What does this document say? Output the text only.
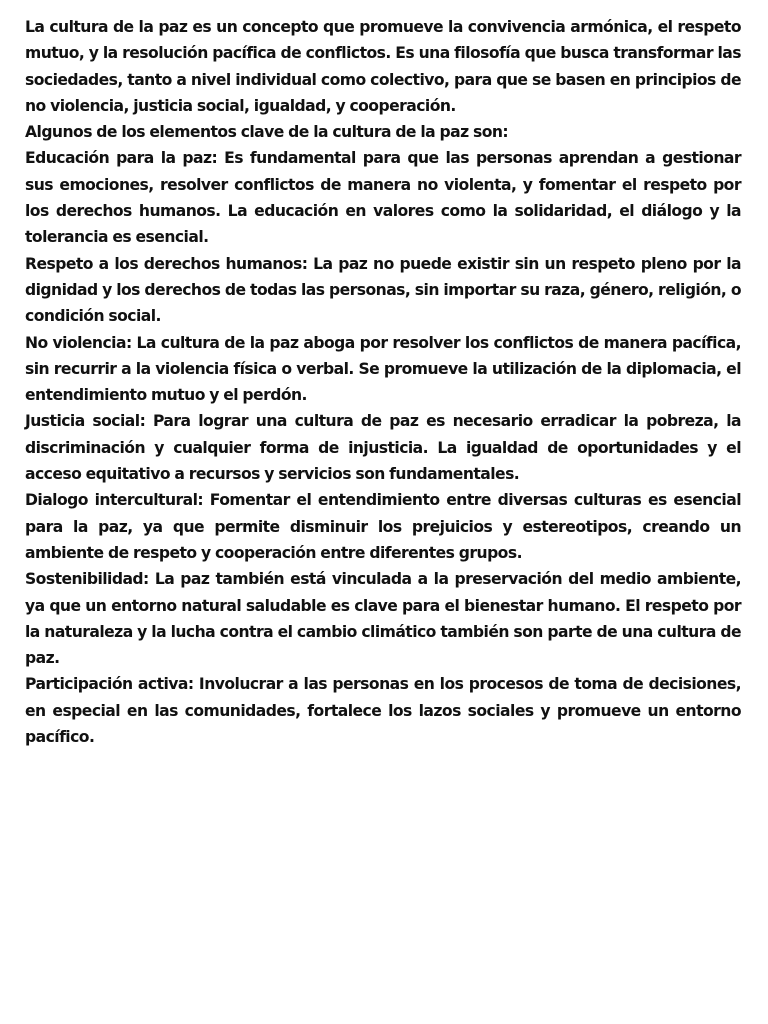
La cultura de la paz es un concepto que promueve la convivencia armónica, el respeto mutuo, y la resolución pacífica de conflictos. Es una filosofía que busca transformar las sociedades, tanto a nivel individual como colectivo, para que se basen en principios de no violencia, justicia social, igualdad, y cooperación.

Algunos de los elementos clave de la cultura de la paz son:

Educación para la paz: Es fundamental para que las personas aprendan a gestionar sus emociones, resolver conflictos de manera no violenta, y fomentar el respeto por los derechos humanos. La educación en valores como la solidaridad, el diálogo y la tolerancia es esencial.

Respeto a los derechos humanos: La paz no puede existir sin un respeto pleno por la dignidad y los derechos de todas las personas, sin importar su raza, género, religión, o condición social.

No violencia: La cultura de la paz aboga por resolver los conflictos de manera pacífica, sin recurrir a la violencia física o verbal. Se promueve la utilización de la diplomacia, el entendimiento mutuo y el perdón.

Justicia social: Para lograr una cultura de paz es necesario erradicar la pobreza, la discriminación y cualquier forma de injusticia. La igualdad de oportunidades y el acceso equitativo a recursos y servicios son fundamentales.

Dialogo intercultural: Fomentar el entendimiento entre diversas culturas es esencial para la paz, ya que permite disminuir los prejuicios y estereotipos, creando un ambiente de respeto y cooperación entre diferentes grupos.

Sostenibilidad: La paz también está vinculada a la preservación del medio ambiente, ya que un entorno natural saludable es clave para el bienestar humano. El respeto por la naturaleza y la lucha contra el cambio climático también son parte de una cultura de paz.

Participación activa: Involucrar a las personas en los procesos de toma de decisiones, en especial en las comunidades, fortalece los lazos sociales y promueve un entorno pacífico.
